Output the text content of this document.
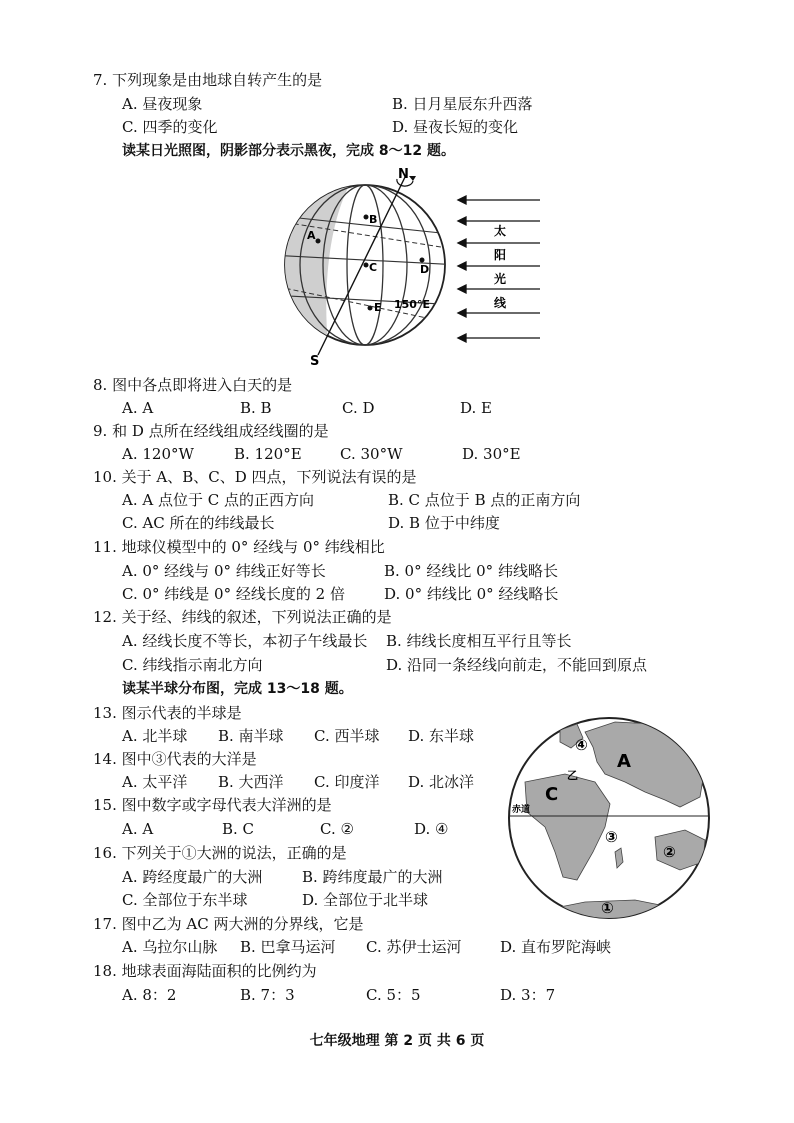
7. 下列现象是由地球自转产生的是
A. 昼夜现象	B. 日月星辰东升西落
C. 四季的变化	D. 昼夜长短的变化
读某日光照图，阴影部分表示黑夜，完成 8～12 题。
N
S
B
A
C	D
E 150°E
太
阳
光
线
8. 图中各点即将进入白天的是
A. A	B. B	C. D	D. E
9. 和 D 点所在经线组成经线圈的是
A. 120°W	B. 120°E	C. 30°W	D. 30°E
10. 关于 A、B、C、D 四点，下列说法有误的是
A. A 点位于 C 点的正西方向	B. C 点位于 B 点的正南方向
C. AC 所在的纬线最长	D. B 位于中纬度
11. 地球仪模型中的 0° 经线与 0° 纬线相比
A. 0° 经线与 0° 纬线正好等长	B. 0° 经线比 0° 纬线略长
C. 0° 纬线是 0° 经线长度的 2 倍	D. 0° 纬线比 0° 经线略长
12. 关于经、纬线的叙述，下列说法正确的是
A. 经线长度不等长，本初子午线最长 B. 纬线长度相互平行且等长
C. 纬线指示南北方向	D. 沿同一条经线向前走，不能回到原点
读某半球分布图，完成 13～18 题。
13. 图示代表的半球是
A. 北半球 B. 南半球 C. 西半球 D. 东半球
14. 图中③代表的大洋是
A. 太平洋 B. 大西洋 C. 印度洋 D. 北冰洋
15. 图中数字或字母代表大洋洲的是
A. A	B. C	C. ②	D. ④
16. 下列关于①大洲的说法，正确的是
A. 跨经度最广的大洲	B. 跨纬度最广的大洲
C. 全部位于东半球	D. 全部位于北半球
17. 图中乙为 AC 两大洲的分界线，它是
A. 乌拉尔山脉 B. 巴拿马运河 C. 苏伊士运河	D. 直布罗陀海峡
18. 地球表面海陆面积的比例约为
A. 8：2	B. 7：3	C. 5：5	D. 3：7
赤道
④
A
乙
C
③
②
①
七年级地理 第 2 页 共 6 页
